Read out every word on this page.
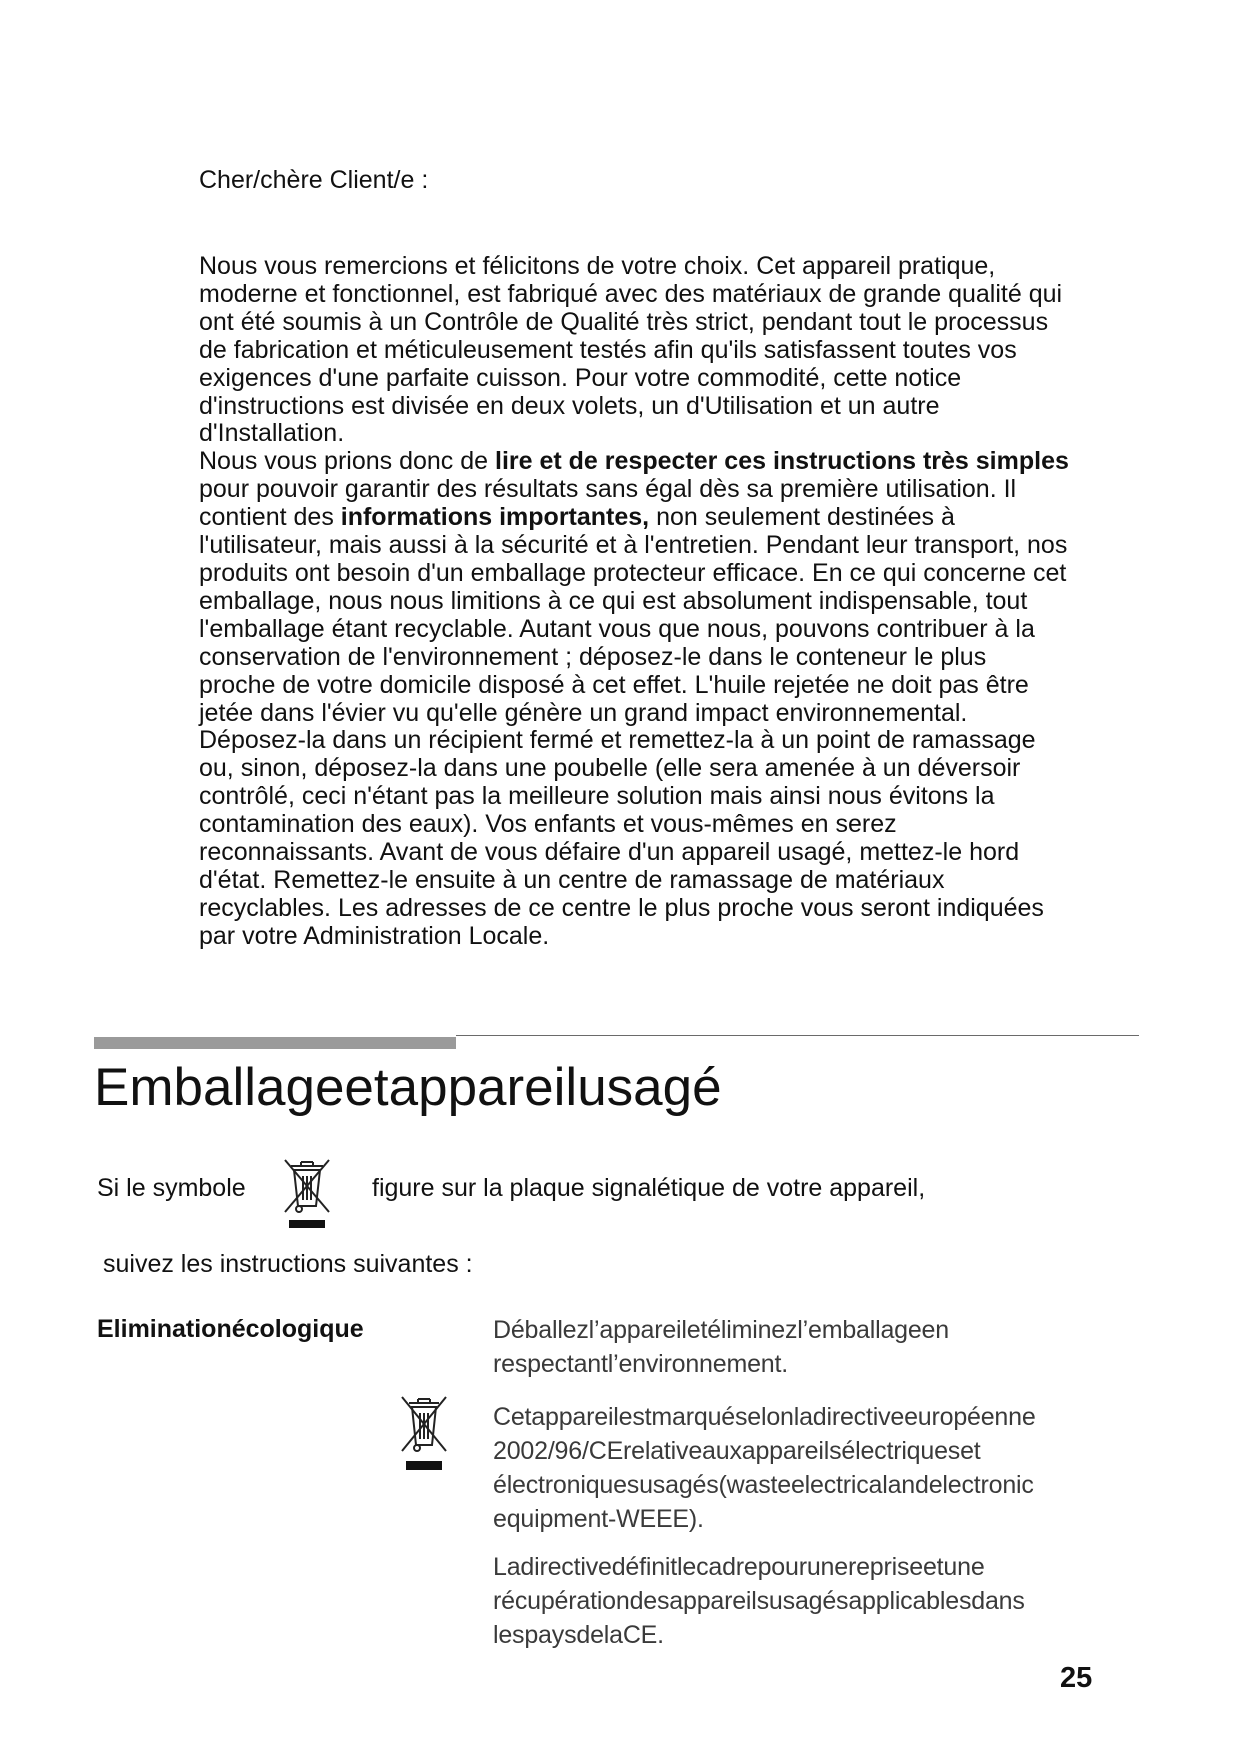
Cher/chère Client/e :

Nous vous remercions et félicitons de votre choix. Cet appareil pratique, moderne et fonctionnel, est fabriqué avec des matériaux de grande qualité qui ont été soumis à un Contrôle de Qualité très strict, pendant tout le processus de fabrication et méticuleusement testés afin qu'ils satisfassent toutes vos exigences d'une parfaite cuisson. Pour votre commodité, cette notice d'instructions est divisée en deux volets, un d'Utilisation et un autre d'Installation.
Nous vous prions donc de lire et de respecter ces instructions très simples pour pouvoir garantir des résultats sans égal dès sa première utilisation. Il contient des informations importantes, non seulement destinées à l'utilisateur, mais aussi à la sécurité et à l'entretien. Pendant leur transport, nos produits ont besoin d'un emballage protecteur efficace. En ce qui concerne cet emballage, nous nous limitions à ce qui est absolument indispensable, tout l'emballage étant recyclable. Autant vous que nous, pouvons contribuer à la conservation de l'environnement ; déposez-le dans le conteneur le plus proche de votre domicile disposé à cet effet. L'huile rejetée ne doit pas être jetée dans l'évier vu qu'elle génère un grand impact environnemental. Déposez-la dans un récipient fermé et remettez-la à un point de ramassage ou, sinon, déposez-la dans une poubelle (elle sera amenée à un déversoir contrôlé, ceci n'étant pas la meilleure solution mais ainsi nous évitons la contamination des eaux). Vos enfants et vous-mêmes en serez reconnaissants. Avant de vous défaire d'un appareil usagé, mettez-le hord d'état. Remettez-le ensuite à un centre de ramassage de matériaux recyclables. Les adresses de ce centre le plus proche vous seront indiquées par votre Administration Locale.

Emballageetappareilusagé
Si le symbole	figure sur la plaque signalétique de votre appareil,
suivez les instructions suivantes :
Eliminationécologique	Déballezl’appareiletéliminezl’emballageen respectantl’environnement.

Cetappareilestmarquéselonladirectiveeuropéenne 2002/96/CErelativeauxappareilsélectriqueset électroniquesusagés(wasteelectricalandelectronic equipment-WEEE).

Ladirectivedéfinitlecadrepourunerepriseetune récupérationdesappareilsusagésapplicablesdans lespaysdelaCE.

25
